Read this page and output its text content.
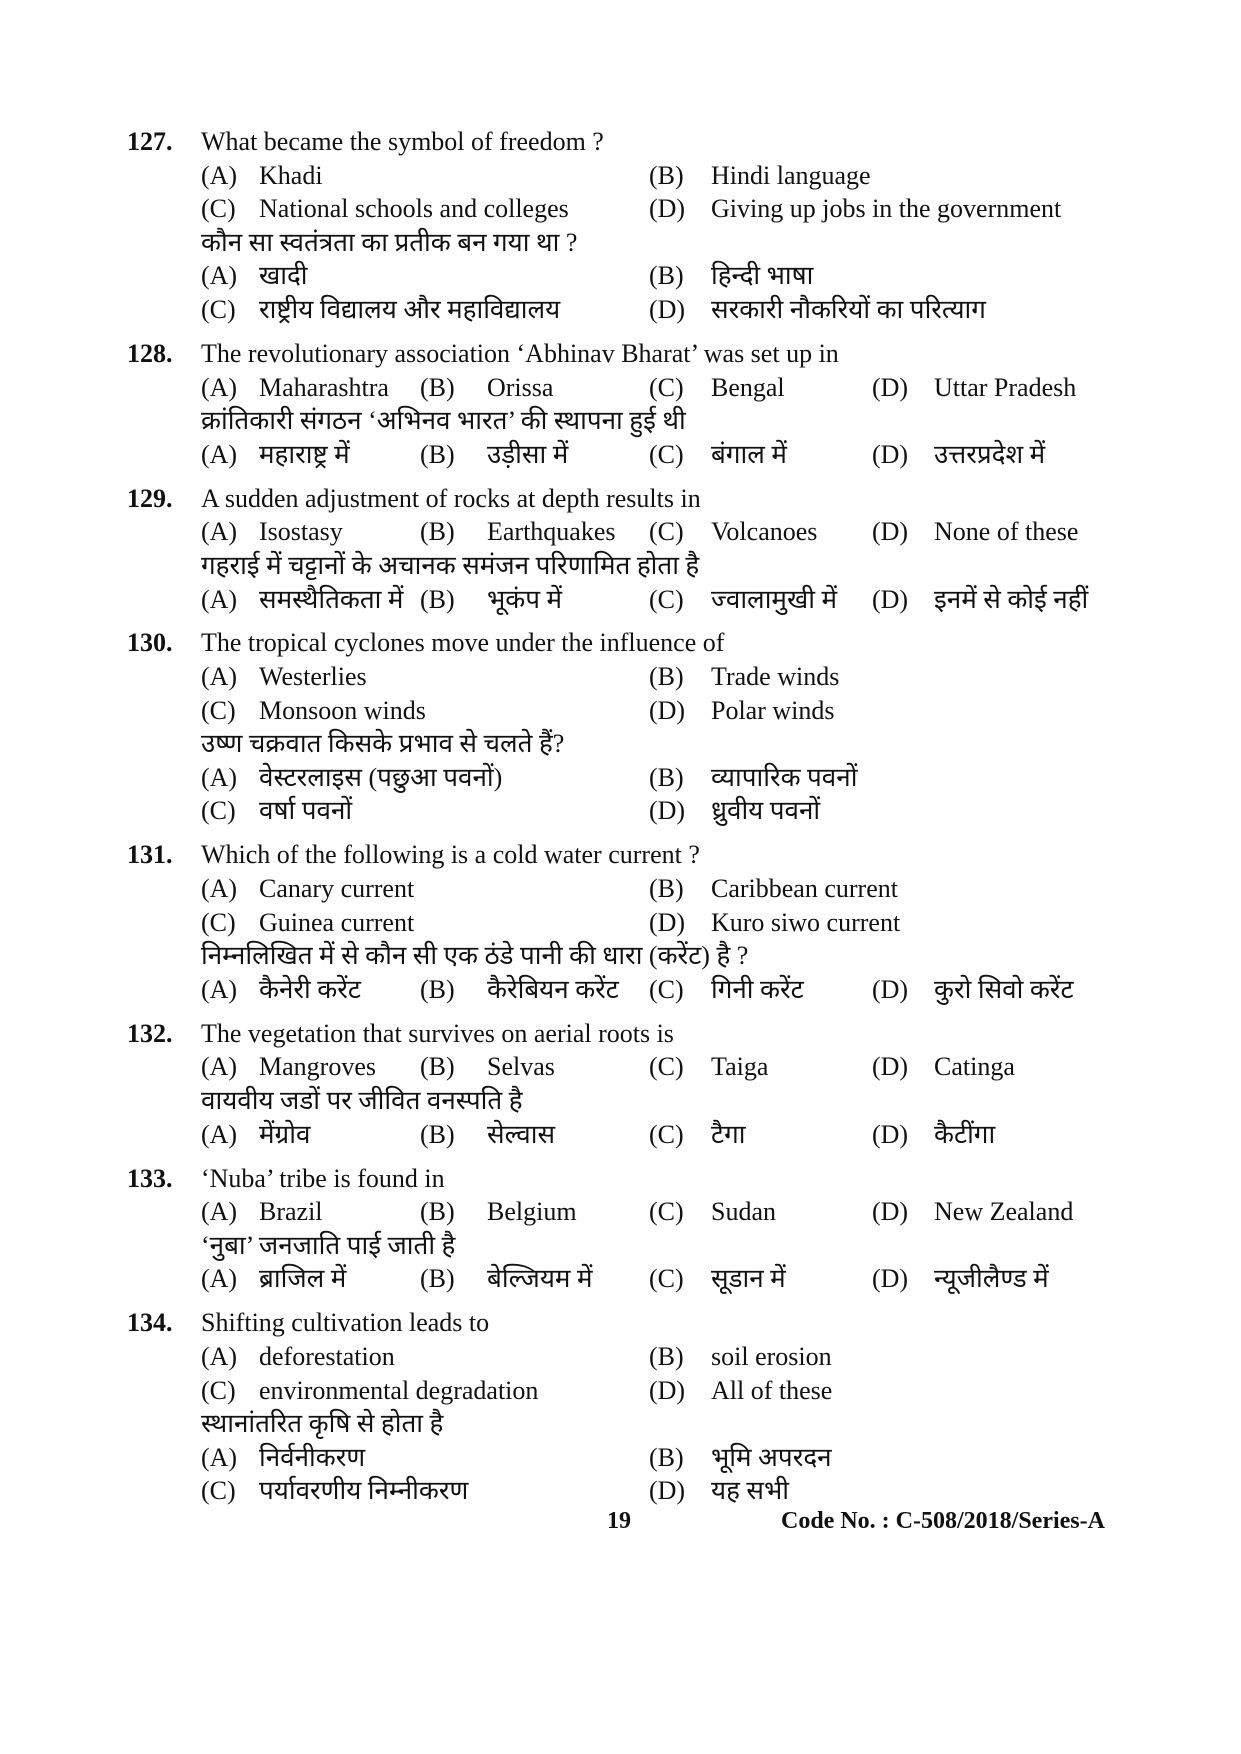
127. What became the symbol of freedom ?
(A) Khadi	(B) Hindi language
(C) National schools and colleges	(D) Giving up jobs in the government
कौन सा स्वतंत्रता का प्रतीक बन गया था ?
(A) खादी	(B) हिन्दी भाषा
(C) राष्ट्रीय विद्यालय और महाविद्यालय	(D) सरकारी नौकरियों का परित्याग
128. The revolutionary association ‘Abhinav Bharat’ was set up in
(A) Maharashtra (B) Orissa	(C) Bengal	(D) Uttar Pradesh
क्रांतिकारी संगठन ‘अभिनव भारत’ की स्थापना हुई थी
(A) महाराष्ट्र में	(B) उड़ीसा में	(C) बंगाल में	(D) उत्तरप्रदेश में
129. A sudden adjustment of rocks at depth results in
(A) Isostasy	(B) Earthquakes (C) Volcanoes (D) None of these
गहराई में चट्टानों के अचानक समंजन परिणामित होता है
(A) समस्थैतिकता में (B) भूकंप में	(C) ज्वालामुखी में (D) इनमें से कोई नहीं
130. The tropical cyclones move under the influence of
(A) Westerlies	(B) Trade winds
(C) Monsoon winds	(D) Polar winds
उष्ण चक्रवात किसके प्रभाव से चलते हैं?
(A) वेस्टरलाइस (पछुआ पवनों)	(B) व्यापारिक पवनों
(C) वर्षा पवनों	(D) ध्रुवीय पवनों
131. Which of the following is a cold water current ?
(A) Canary current	(B) Caribbean current
(C) Guinea current	(D) Kuro siwo current
निम्नलिखित में से कौन सी एक ठंडे पानी की धारा (करेंट) है ?
(A) कैनेरी करेंट (B) कैरेबियन करेंट (C) गिनी करेंट	(D) कुरो सिवो करेंट
132. The vegetation that survives on aerial roots is
(A) Mangroves (B) Selvas	(C) Taiga	(D) Catinga
वायवीय जडों पर जीवित वनस्पति है
(A) मेंग्रोव	(B) सेल्वास	(C) टैगा	(D) कैटींगा
133. ‘Nuba’ tribe is found in
(A) Brazil	(B) Belgium	(C) Sudan	(D) New Zealand
‘नुबा’ जनजाति पाई जाती है
(A) ब्राजिल में	(B) बेल्जियम में (C) सूडान में	(D) न्यूजीलैण्ड में
134. Shifting cultivation leads to
(A) deforestation	(B) soil erosion
(C) environmental degradation	(D) All of these
स्थानांतरित कृषि से होता है
(A) निर्वनीकरण	(B) भूमि अपरदन
(C) पर्यावरणीय निम्नीकरण	(D) यह सभी
19	Code No. : C-508/2018/Series-A
